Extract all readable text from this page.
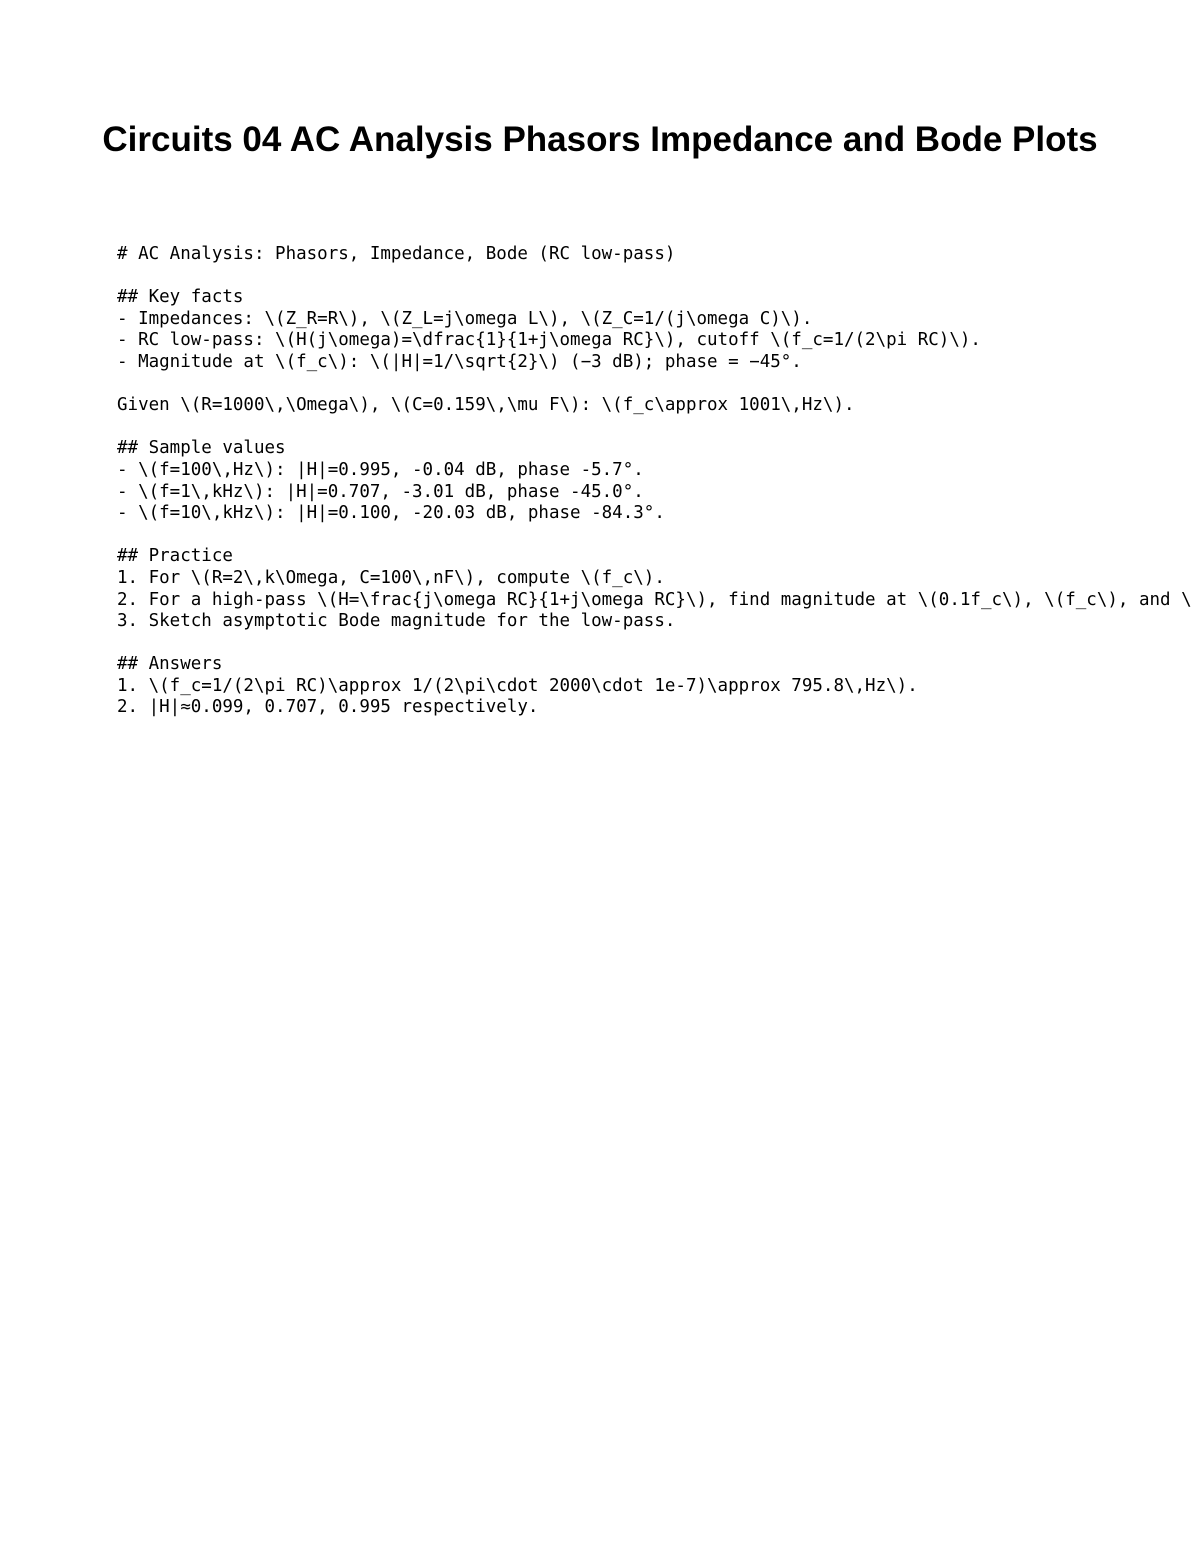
Circuits 04 AC Analysis Phasors Impedance and Bode Plots
# AC Analysis: Phasors, Impedance, Bode (RC low-pass)
## Key facts
- Impedances: \(Z_R=R\), \(Z_L=j\omega L\), \(Z_C=1/(j\omega C)\).
- RC low-pass: \(H(j\omega)=\dfrac{1}{1+j\omega RC}\), cutoff \(f_c=1/(2\pi RC)\).
- Magnitude at \(f_c\): \(|H|=1/\sqrt{2}\) (−3 dB); phase = −45°.
Given \(R=1000\,\Omega\), \(C=0.159\,\mu F\): \(f_c\approx 1001\,Hz\).
## Sample values
- \(f=100\,Hz\): |H|=0.995, -0.04 dB, phase -5.7°.
- \(f=1\,kHz\): |H|=0.707, -3.01 dB, phase -45.0°.
- \(f=10\,kHz\): |H|=0.100, -20.03 dB, phase -84.3°.
## Practice
1. For \(R=2\,k\Omega, C=100\,nF\), compute \(f_c\).
2. For a high-pass \(H=\frac{j\omega RC}{1+j\omega RC}\), find magnitude at \(0.1f_c\), \(f_c\), and \
3. Sketch asymptotic Bode magnitude for the low-pass.
## Answers
1. \(f_c=1/(2\pi RC)\approx 1/(2\pi\cdot 2000\cdot 1e-7)\approx 795.8\,Hz\).
2. |H|≈0.099, 0.707, 0.995 respectively.
